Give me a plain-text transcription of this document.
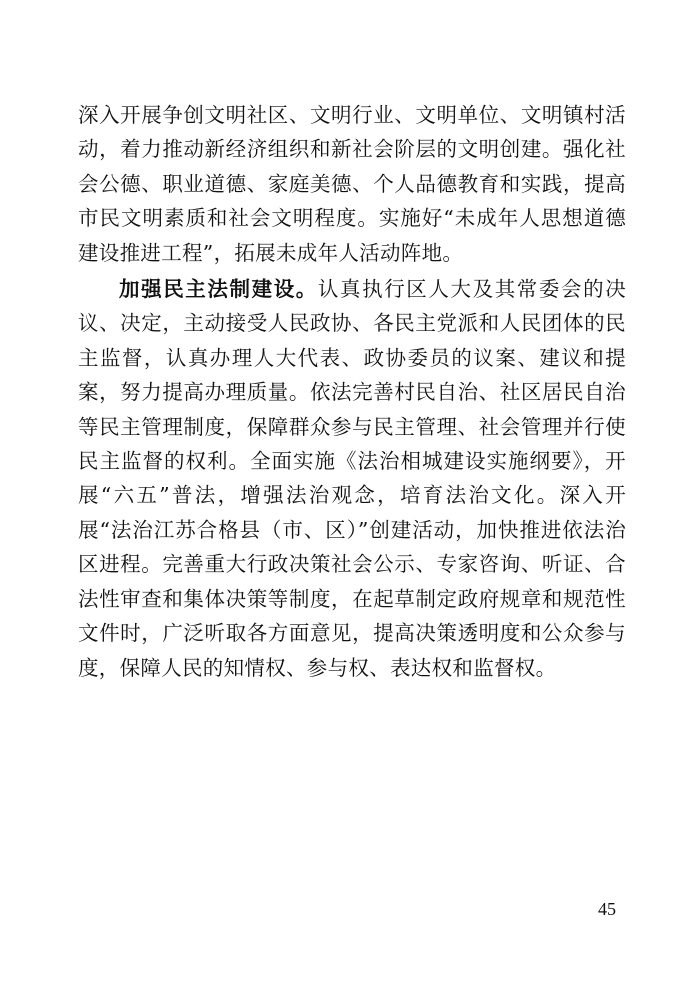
深入开展争创文明社区、文明行业、文明单位、文明镇村活动，着力推动新经济组织和新社会阶层的文明创建。强化社会公德、职业道德、家庭美德、个人品德教育和实践，提高市民文明素质和社会文明程度。实施好“未成年人思想道德建设推进工程”，拓展未成年人活动阵地。

加强民主法制建设。认真执行区人大及其常委会的决议、决定，主动接受人民政协、各民主党派和人民团体的民主监督，认真办理人大代表、政协委员的议案、建议和提案，努力提高办理质量。依法完善村民自治、社区居民自治等民主管理制度，保障群众参与民主管理、社会管理并行使民主监督的权利。全面实施《法治相城建设实施纲要》，开展“六五”普法，增强法治观念，培育法治文化。深入开展“法治江苏合格县（市、区）”创建活动，加快推进依法治区进程。完善重大行政决策社会公示、专家咨询、听证、合法性审查和集体决策等制度，在起草制定政府规章和规范性文件时，广泛听取各方面意见，提高决策透明度和公众参与度，保障人民的知情权、参与权、表达权和监督权。

45
